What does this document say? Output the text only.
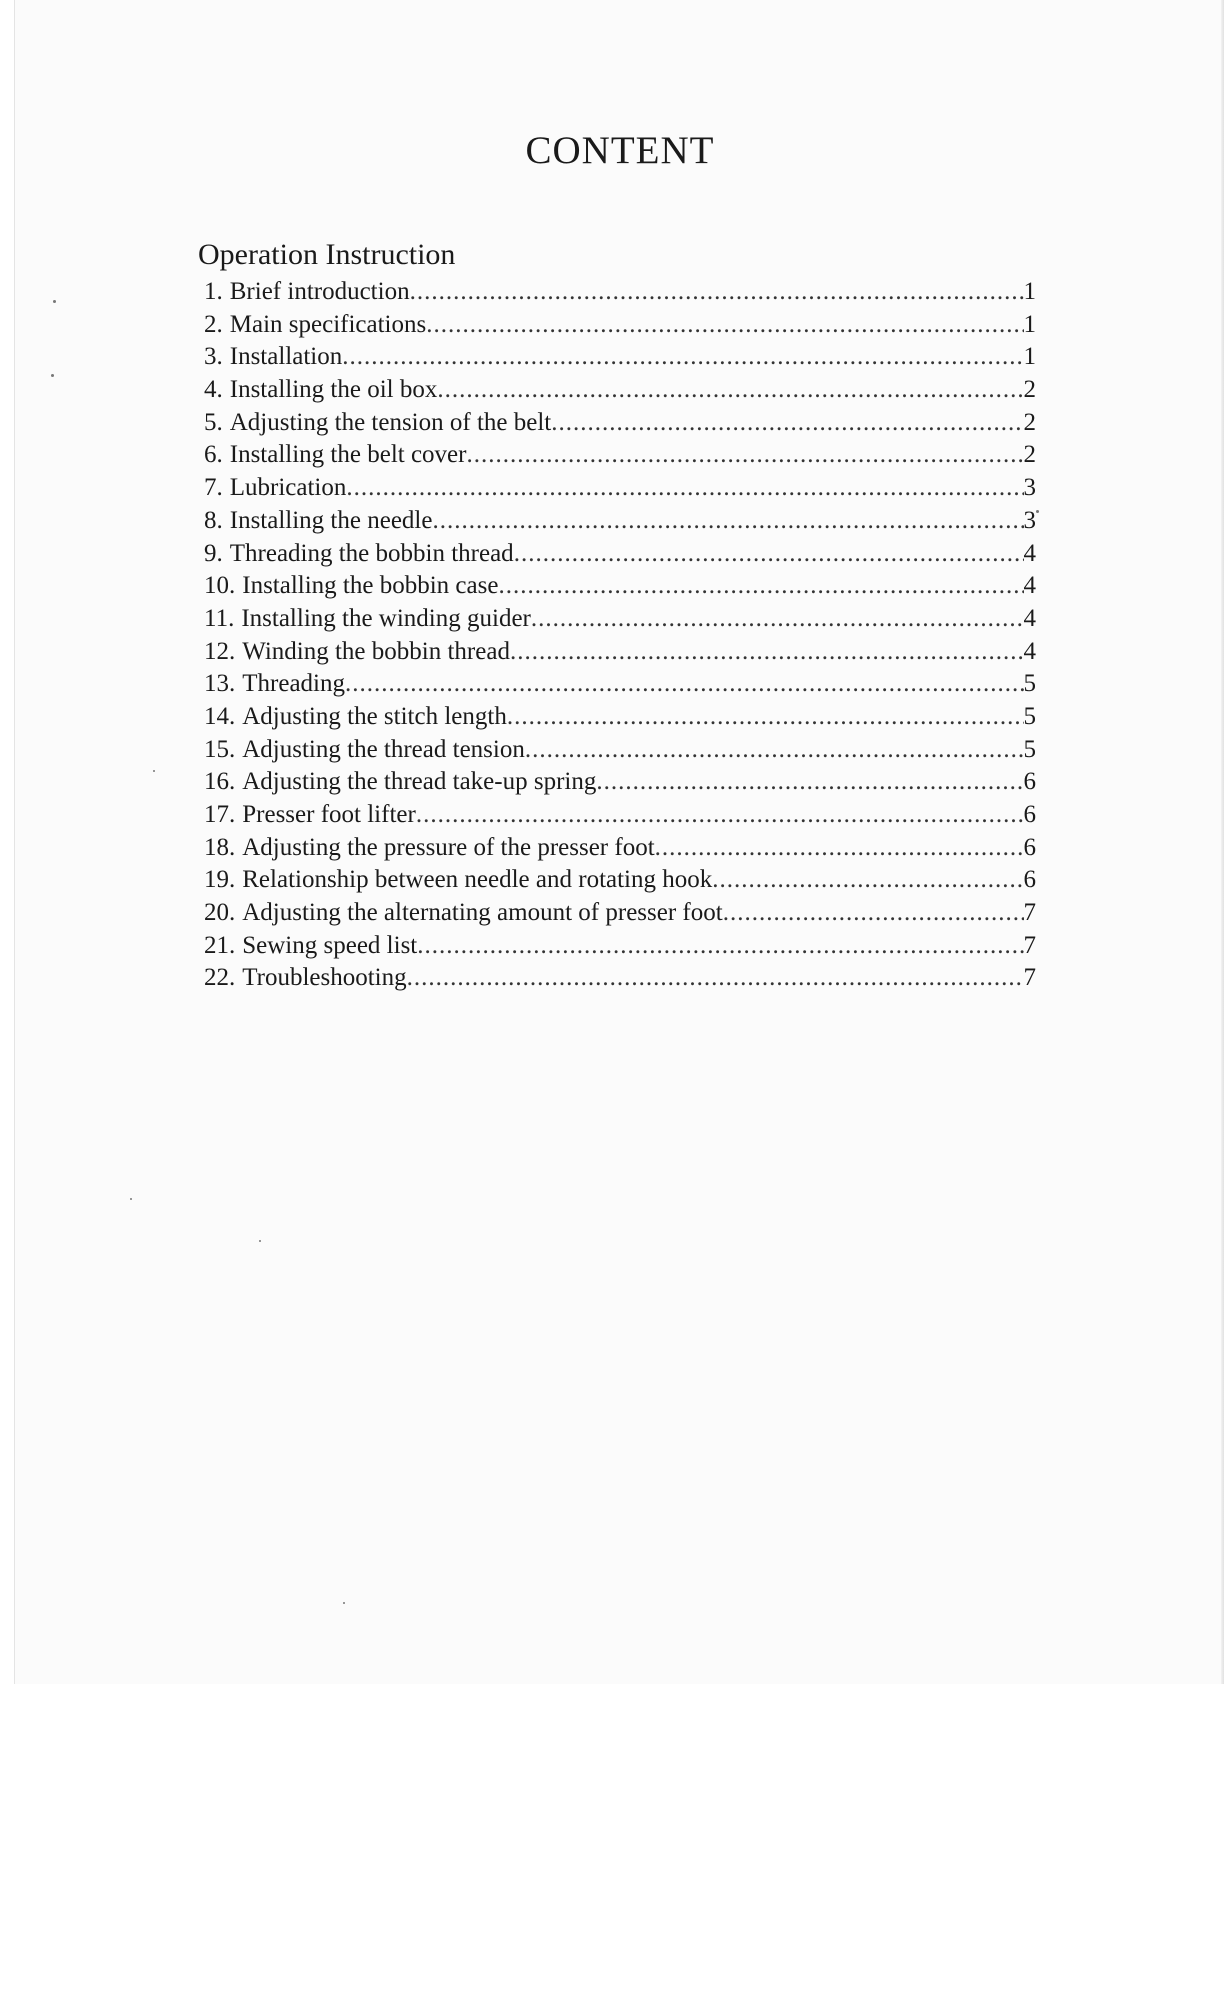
CONTENT
Operation Instruction
1. Brief introduction .....	1
2. Main specifications .....	1
3. Installation .....	1
4. Installing the oil box .....	2
5. Adjusting the tension of the belt .....	2
6. Installing the belt cover .....	2
7. Lubrication .....	3
8. Installing the needle .....	3
9. Threading the bobbin thread .....	4
10. Installing the bobbin case .....	4
11. Installing the winding guider .....	4
12. Winding the bobbin thread .....	4
13. Threading .....	5
14. Adjusting the stitch length .....	5
15. Adjusting the thread tension .....	5
16. Adjusting the thread take-up spring .....	6
17. Presser foot lifter .....	6
18. Adjusting the pressure of the presser foot .....	6
19. Relationship between needle and rotating hook .....	6
20. Adjusting the alternating amount of presser foot .....	7
21. Sewing speed list .....	7
22. Troubleshooting .....	7
